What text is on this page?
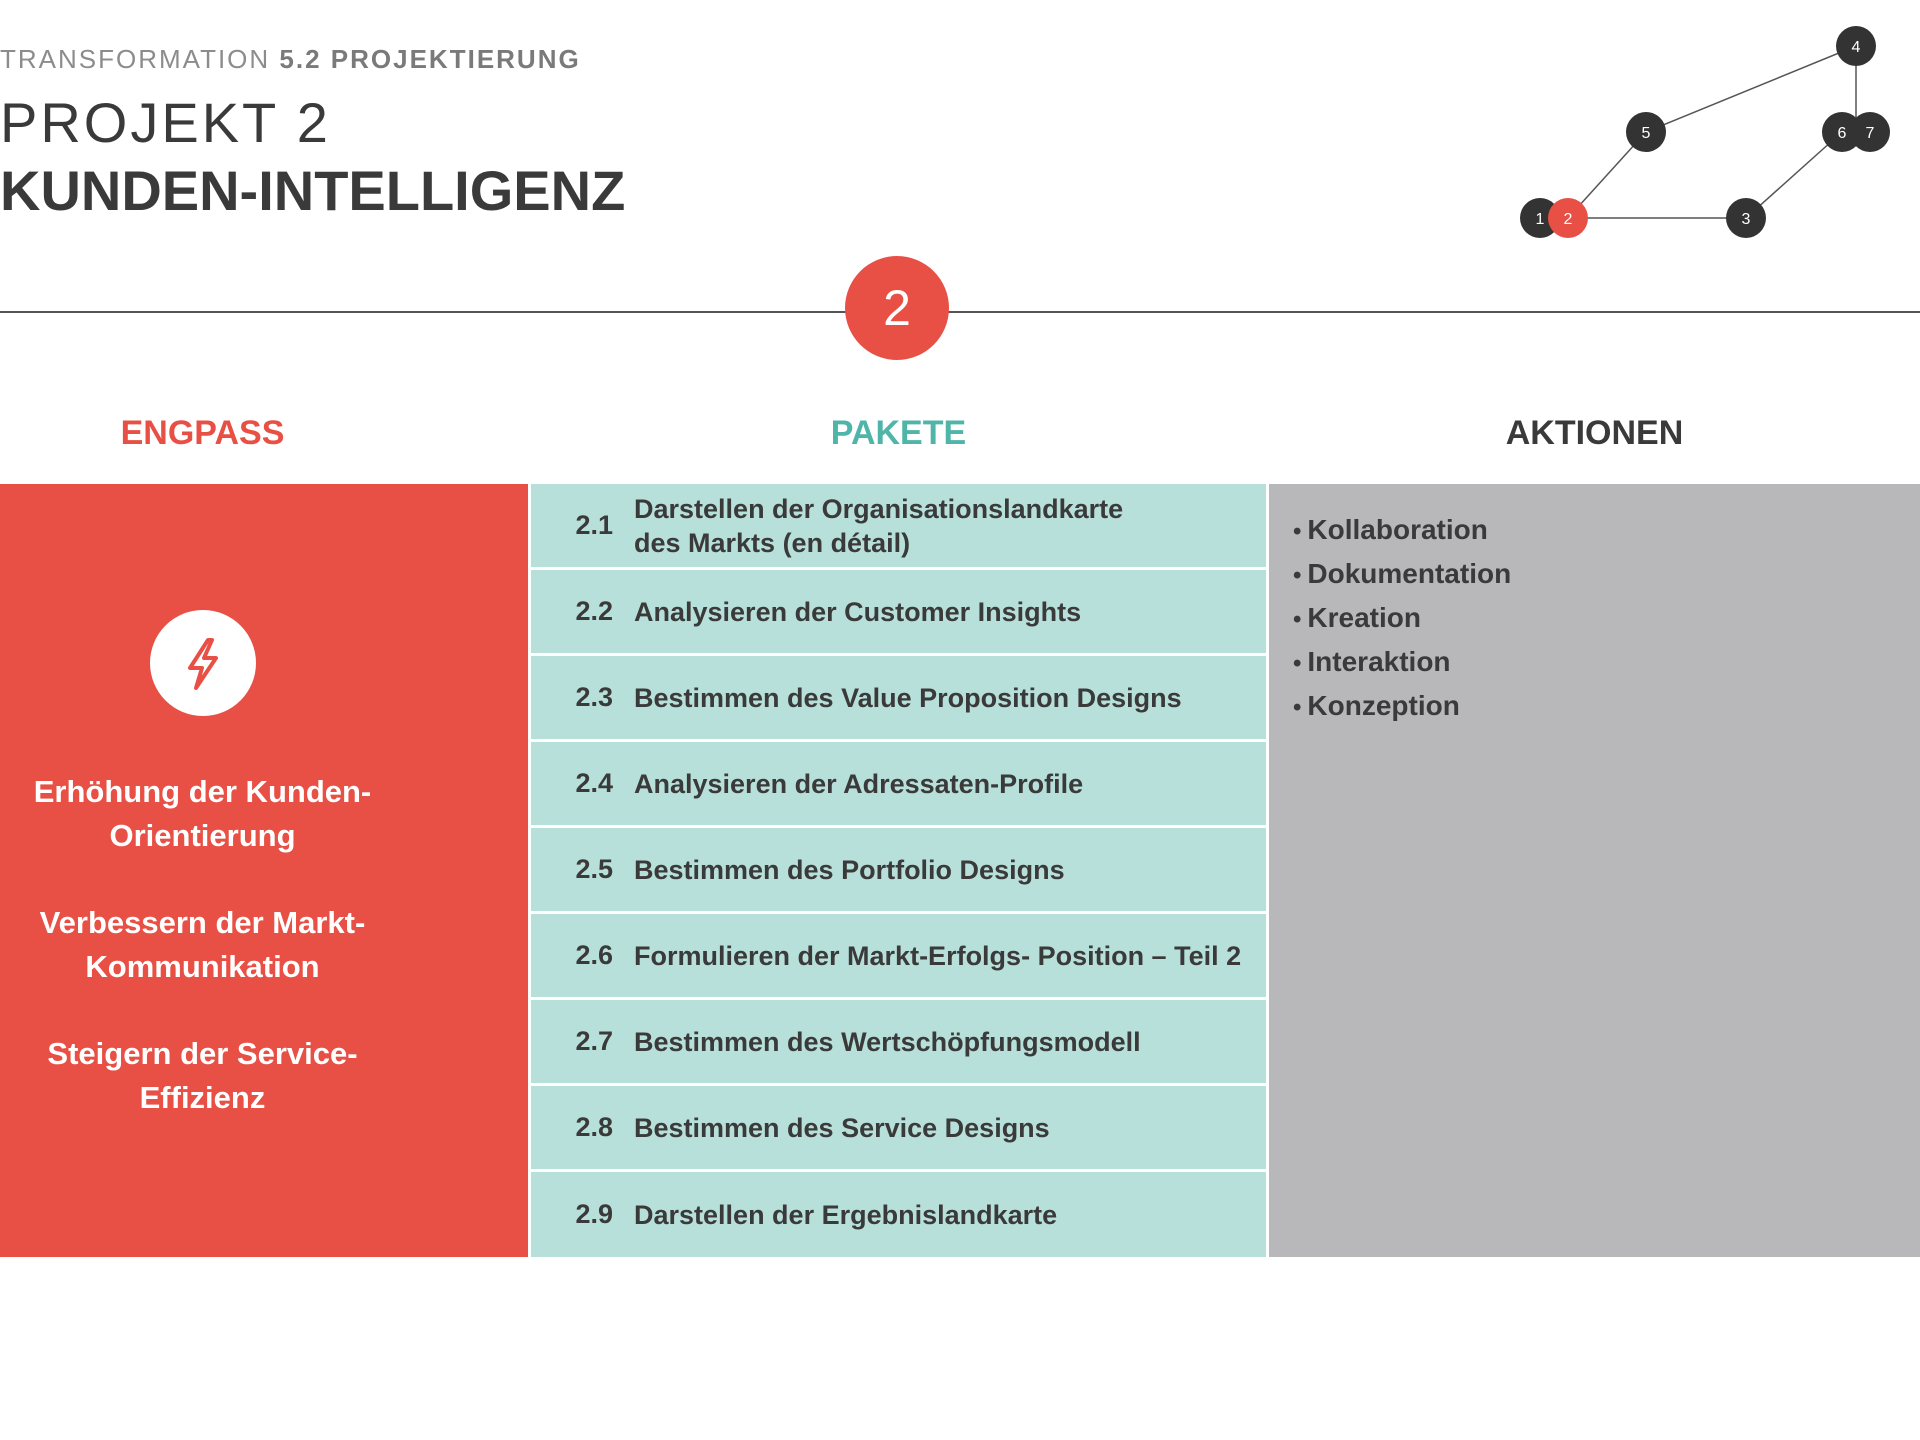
TRANSFORMATION 5.2 PROJEKTIERUNG
PROJEKT 2
KUNDEN-INTELLIGENZ	1 2	3
4
5	6 7
2
ENGPASS	PAKETE	AKTIONEN
Erhöhung der Kunden-Orientierung
Verbessern der Markt-Kommunikation
Steigern der Service-Effizienz
2.1
Darstellen der Organisationslandkarte
des Markts (en détail)
2.2 Analysieren der Customer Insights
2.3 Bestimmen des Value Proposition Designs
2.4 Analysieren der Adressaten-Profile
2.5 Bestimmen des Portfolio Designs
2.6 Formulieren der Markt-Erfolgs- Position – Teil 2
2.7 Bestimmen des Wertschöpfungsmodell
2.8 Bestimmen des Service Designs
2.9 Darstellen der Ergebnislandkarte
• Kollaboration
• Dokumentation
• Kreation
• Interaktion
• Konzeption
